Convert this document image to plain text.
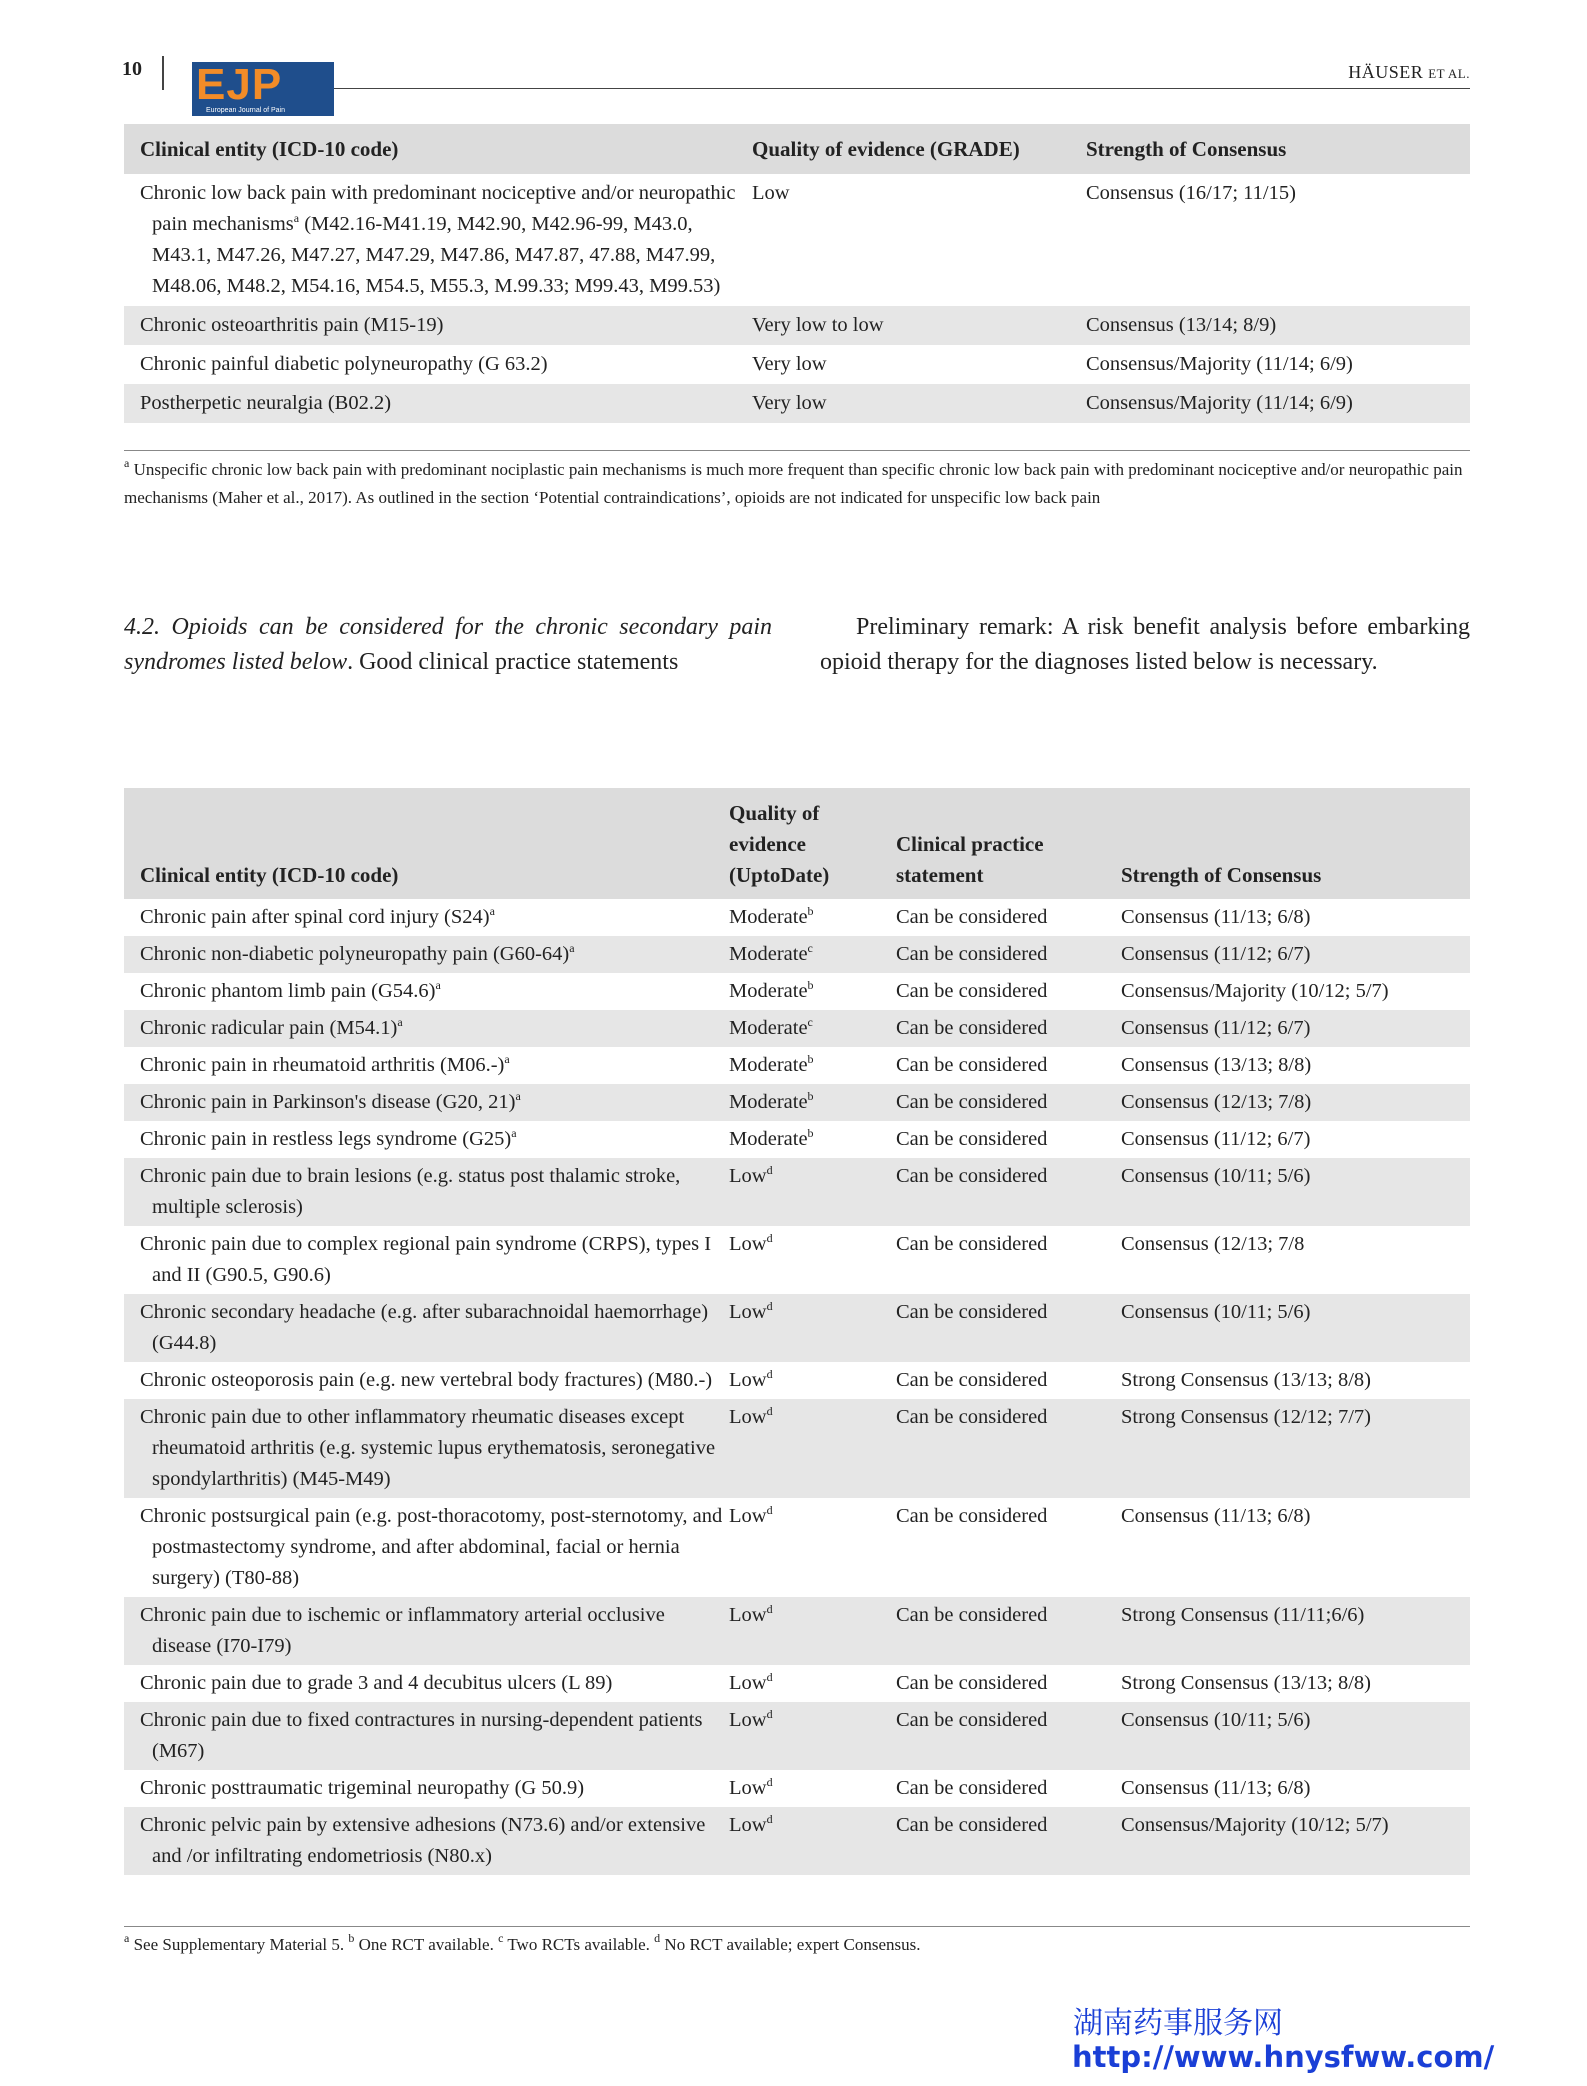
10 EJP
European Journal of Pain
HÄUSER ET AL.
Clinical entity (ICD-10 code)	Quality of evidence (GRADE)	Strength of Consensus

Chronic low back pain with predominant nociceptive and/or neuropathic pain mechanisms$^a$ (M42.16-M41.19, M42.90, M42.96-99, M43.0, M43.1, M47.26, M47.27, M47.29, M47.86, M47.87, 47.88, M47.99, M48.06, M48.2, M54.16, M54.5, M55.3, M.99.33; M99.43, M99.53)	Low	Consensus (16/17; 11/15)

Chronic osteoarthritis pain (M15-19)	Very low to low	Consensus (13/14; 8/9)

Chronic painful diabetic polyneuropathy (G 63.2)	Very low	Consensus/Majority (11/14; 6/9)

Postherpetic neuralgia (B02.2)	Very low	Consensus/Majority (11/14; 6/9)
$^a$ Unspecific chronic low back pain with predominant nociplastic pain mechanisms is much more frequent than specific chronic low back pain with predominant nociceptive and/or neuropathic pain mechanisms (Maher et al., 2017). As outlined in the section ‘Potential contraindications’, opioids are not indicated for unspecific low back pain
4.2. Opioids can be considered for the chronic secondary pain syndromes listed below. Good clinical practice statements
Preliminary remark: A risk benefit analysis before embarking opioid therapy for the diagnoses listed below is necessary.
Clinical entity (ICD-10 code)	Quality of evidence (UptoDate)	Clinical practice statement	Strength of Consensus

Chronic pain after spinal cord injury $(S24)^a$	Moderate$^b$	Can be considered	Consensus (11/13; 6/8)

Chronic non-diabetic polyneuropathy pain $(G60-64)^a$	Moderate$^c$	Can be considered	Consensus (11/12; 6/7)

Chronic phantom limb pain $(G54.6)^a$	Moderate$^b$	Can be considered	Consensus/Majority (10/12; 5/7)

Chronic radicular pain $(M54.1)^a$	Moderate$^c$	Can be considered	Consensus (11/12; 6/7)

Chronic pain in rheumatoid arthritis $(M06.-)^a$	Moderate$^b$	Can be considered	Consensus (13/13; 8/8)

Chronic pain in Parkinson's disease (G20, 21)$^a$	Moderate$^b$	Can be considered	Consensus (12/13; 7/8)

Chronic pain in restless legs syndrome $(G25)^a$	Moderate$^b$	Can be considered	Consensus (11/12; 6/7)

Chronic pain due to brain lesions (e.g. status post thalamic stroke, multiple sclerosis)	Low$^d$	Can be considered	Consensus (10/11; 5/6)

Chronic pain due to complex regional pain syndrome (CRPS), types I and II (G90.5, G90.6)	Low$^d$	Can be considered	Consensus (12/13; 7/8

Chronic secondary headache (e.g. after subarachnoidal haemorrhage) (G44.8)	Low$^d$	Can be considered	Consensus (10/11; 5/6)

Chronic osteoporosis pain (e.g. new vertebral body fractures) (M80.-)	Low$^d$	Can be considered	Strong Consensus (13/13; 8/8)

Chronic pain due to other inflammatory rheumatic diseases except rheumatoid arthritis (e.g. systemic lupus erythematosis, seronegative spondylarthritis) (M45-M49)	Low$^d$	Can be considered	Strong Consensus (12/12; 7/7)

Chronic postsurgical pain (e.g. post-thoracotomy, post-sternotomy, and postmastectomy syndrome, and after abdominal, facial or hernia surgery) (T80-88)	Low$^d$	Can be considered	Consensus (11/13; 6/8)

Chronic pain due to ischemic or inflammatory arterial occlusive disease (I70-I79)	Low$^d$	Can be considered	Strong Consensus (11/11;6/6)

Chronic pain due to grade 3 and 4 decubitus ulcers (L 89)	Low$^d$	Can be considered	Strong Consensus (13/13; 8/8)

Chronic pain due to fixed contractures in nursing-dependent patients (M67)	Low$^d$	Can be considered	Consensus (10/11; 5/6)

Chronic posttraumatic trigeminal neuropathy (G 50.9)	Low$^d$	Can be considered	Consensus (11/13; 6/8)

Chronic pelvic pain by extensive adhesions (N73.6) and/or extensive and /or infiltrating endometriosis (N80.x)	Low$^d$	Can be considered	Consensus/Majority (10/12; 5/7)
$^a$ See Supplementary Material 5. $^b$ One RCT available. $^c$ Two RCTs available. $^d$ No RCT available; expert Consensus.
湖南药事服务网
http://www.hnysfww.com/
